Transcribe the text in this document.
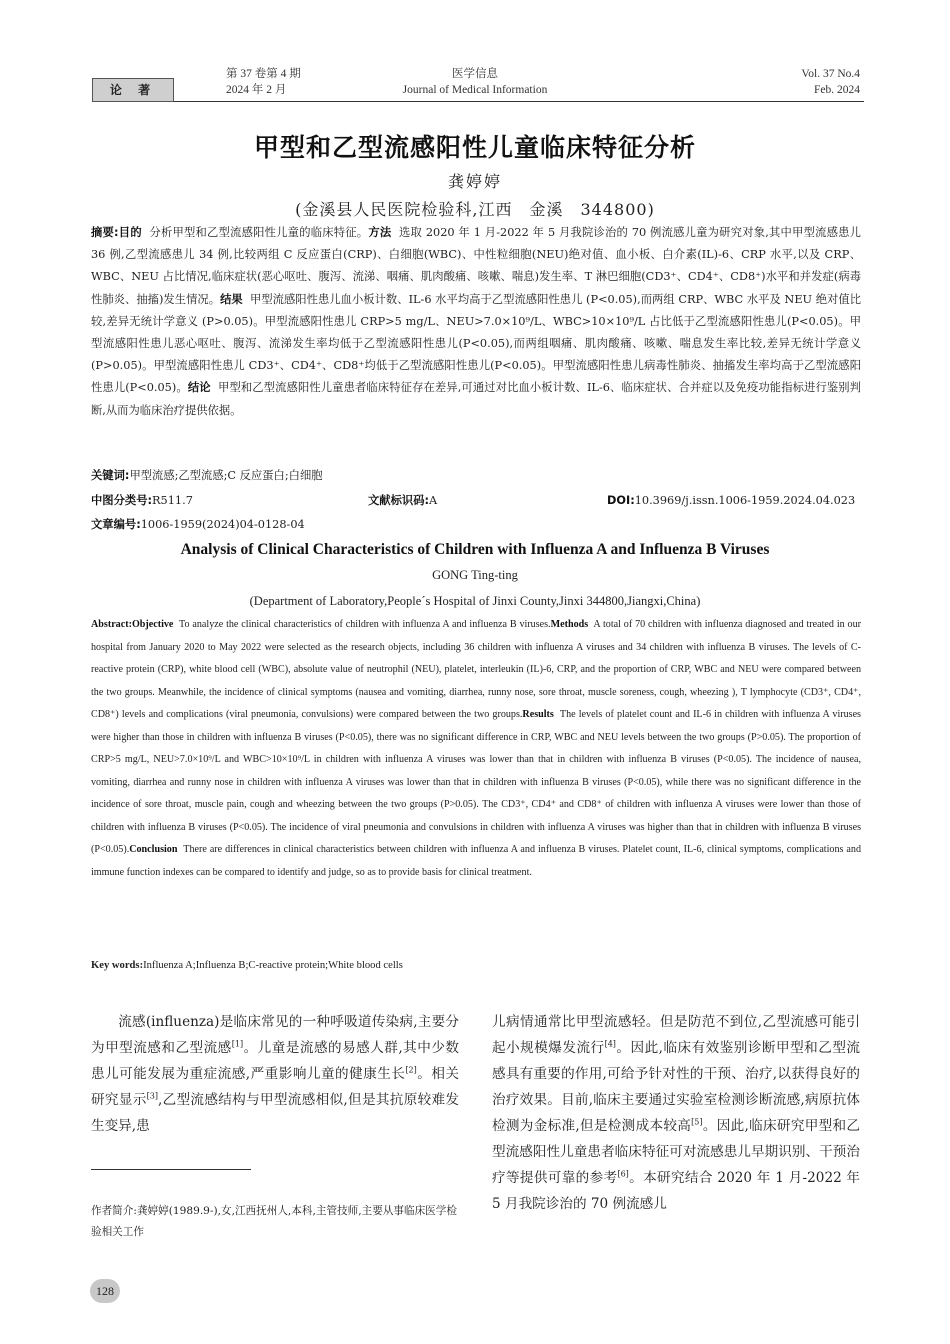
论 著
第 37 卷第 4 期
2024 年 2 月
医学信息
Journal of Medical Information
Vol. 37 No.4
Feb. 2024
甲型和乙型流感阳性儿童临床特征分析
龚婷婷
(金溪县人民医院检验科,江西　金溪　344800)
摘要:目的 分析甲型和乙型流感阳性儿童的临床特征。方法 选取 2020 年 1 月-2022 年 5 月我院诊治的 70 例流感儿童为研究对象,其中甲型流感患儿 36 例,乙型流感患儿 34 例,比较两组 C 反应蛋白(CRP)、白细胞(WBC)、中性粒细胞(NEU)绝对值、血小板、白介素(IL)-6、CRP 水平,以及 CRP、WBC、NEU 占比情况,临床症状(恶心呕吐、腹泻、流涕、咽痛、肌肉酸痛、咳嗽、喘息)发生率、T 淋巴细胞(CD3⁺、CD4⁺、CD8⁺)水平和并发症(病毒性肺炎、抽搐)发生情况。结果 甲型流感阳性患儿血小板计数、IL-6 水平均高于乙型流感阳性患儿 (P<0.05),而两组 CRP、WBC 水平及 NEU 绝对值比较,差异无统计学意义 (P>0.05)。甲型流感阳性患儿 CRP>5 mg/L、NEU>7.0×10⁹/L、WBC>10×10⁹/L 占比低于乙型流感阳性患儿(P<0.05)。甲型流感阳性患儿恶心呕吐、腹泻、流涕发生率均低于乙型流感阳性患儿(P<0.05),而两组咽痛、肌肉酸痛、咳嗽、喘息发生率比较,差异无统计学意义(P>0.05)。甲型流感阳性患儿 CD3⁺、CD4⁺、CD8⁺均低于乙型流感阳性患儿(P<0.05)。甲型流感阳性患儿病毒性肺炎、抽搐发生率均高于乙型流感阳性患儿(P<0.05)。结论 甲型和乙型流感阳性儿童患者临床特征存在差异,可通过对比血小板计数、IL-6、临床症状、合并症以及免疫功能指标进行鉴别判断,从而为临床治疗提供依据。
关键词:甲型流感;乙型流感;C 反应蛋白;白细胞
中图分类号:R511.7	文献标识码:A	DOI:10.3969/j.issn.1006-1959.2024.04.023
文章编号:1006-1959(2024)04-0128-04
Analysis of Clinical Characteristics of Children with Influenza A and Influenza B Viruses
GONG Ting-ting
(Department of Laboratory,People´s Hospital of Jinxi County,Jinxi 344800,Jiangxi,China)
Abstract:Objective To analyze the clinical characteristics of children with influenza A and influenza B viruses.Methods A total of 70 children with influenza diagnosed and treated in our hospital from January 2020 to May 2022 were selected as the research objects, including 36 children with influenza A viruses and 34 children with influenza B viruses. The levels of C-reactive protein (CRP), white blood cell (WBC), absolute value of neutrophil (NEU), platelet, interleukin (IL)-6, CRP, and the proportion of CRP, WBC and NEU were compared between the two groups. Meanwhile, the incidence of clinical symptoms (nausea and vomiting, diarrhea, runny nose, sore throat, muscle soreness, cough, wheezing ), T lymphocyte (CD3⁺, CD4⁺, CD8⁺) levels and complications (viral pneumonia, convulsions) were compared between the two groups.Results The levels of platelet count and IL-6 in children with influenza A viruses were higher than those in children with influenza B viruses (P<0.05), there was no significant difference in CRP, WBC and NEU levels between the two groups (P>0.05). The proportion of CRP>5 mg/L, NEU>7.0×10⁹/L and WBC>10×10⁹/L in children with influenza A viruses was lower than that in children with influenza B viruses (P<0.05). The incidence of nausea, vomiting, diarrhea and runny nose in children with influenza A viruses was lower than that in children with influenza B viruses (P<0.05), while there was no significant difference in the incidence of sore throat, muscle pain, cough and wheezing between the two groups (P>0.05). The CD3⁺, CD4⁺ and CD8⁺ of children with influenza A viruses were lower than those of children with influenza B viruses (P<0.05). The incidence of viral pneumonia and convulsions in children with influenza A viruses was higher than that in children with influenza B viruses (P<0.05).Conclusion There are differences in clinical characteristics between children with influenza A and influenza B viruses. Platelet count, IL-6, clinical symptoms, complications and immune function indexes can be compared to identify and judge, so as to provide basis for clinical treatment.
Key words:Influenza A;Influenza B;C-reactive protein;White blood cells
流感(influenza)是临床常见的一种呼吸道传染病,主要分为甲型流感和乙型流感[1]。儿童是流感的易感人群,其中少数患儿可能发展为重症流感,严重影响儿童的健康生长[2]。相关研究显示[3],乙型流感结构与甲型流感相似,但是其抗原较难发生变异,患
儿病情通常比甲型流感轻。但是防范不到位,乙型流感可能引起小规模爆发流行[4]。因此,临床有效鉴别诊断甲型和乙型流感具有重要的作用,可给予针对性的干预、治疗,以获得良好的治疗效果。目前,临床主要通过实验室检测诊断流感,病原抗体检测为金标准,但是检测成本较高[5]。因此,临床研究甲型和乙型流感阳性儿童患者临床特征可对流感患儿早期识别、干预治疗等提供可靠的参考[6]。本研究结合 2020 年 1 月-2022 年 5 月我院诊治的 70 例流感儿
作者简介:龚婷婷(1989.9-),女,江西抚州人,本科,主管技师,主要从事临床医学检验相关工作
128
